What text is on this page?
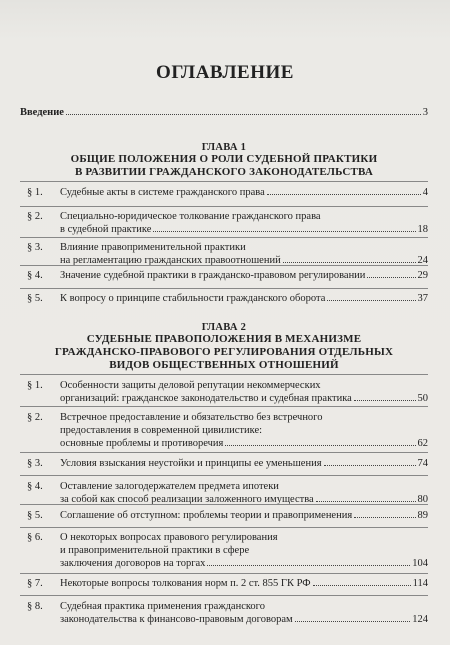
ОГЛАВЛЕНИЕ
Введение	3
ГЛАВА 1
ОБЩИЕ ПОЛОЖЕНИЯ О РОЛИ СУДЕБНОЙ ПРАКТИКИ
В РАЗВИТИИ ГРАЖДАНСКОГО ЗАКОНОДАТЕЛЬСТВА
§ 1. Судебные акты в системе гражданского права	4
§ 2. Специально-юридическое толкование гражданского права
в судебной практике	18
§ 3. Влияние правоприменительной практики
на регламентацию гражданских правоотношений	24
§ 4. Значение судебной практики в гражданско-правовом регулировании	29
§ 5. К вопросу о принципе стабильности гражданского оборота	37
ГЛАВА 2
СУДЕБНЫЕ ПРАВОПОЛОЖЕНИЯ В МЕХАНИЗМЕ
ГРАЖДАНСКО-ПРАВОВОГО РЕГУЛИРОВАНИЯ ОТДЕЛЬНЫХ
ВИДОВ ОБЩЕСТВЕННЫХ ОТНОШЕНИЙ
§ 1. Особенности защиты деловой репутации некоммерческих
организаций: гражданское законодательство и судебная практика	50
§ 2. Встречное предоставление и обязательство без встречного
предоставления в современной цивилистике:
основные проблемы и противоречия	62
§ 3. Условия взыскания неустойки и принципы ее уменьшения	74
§ 4. Оставление залогодержателем предмета ипотеки
за собой как способ реализации заложенного имущества	80
§ 5. Соглашение об отступном: проблемы теории и правоприменения	89
§ 6. О некоторых вопросах правового регулирования
и правоприменительной практики в сфере
заключения договоров на торгах	104
§ 7. Некоторые вопросы толкования норм п. 2 ст. 855 ГК РФ	114
§ 8. Судебная практика применения гражданского
законодательства к финансово-правовым договорам	124
